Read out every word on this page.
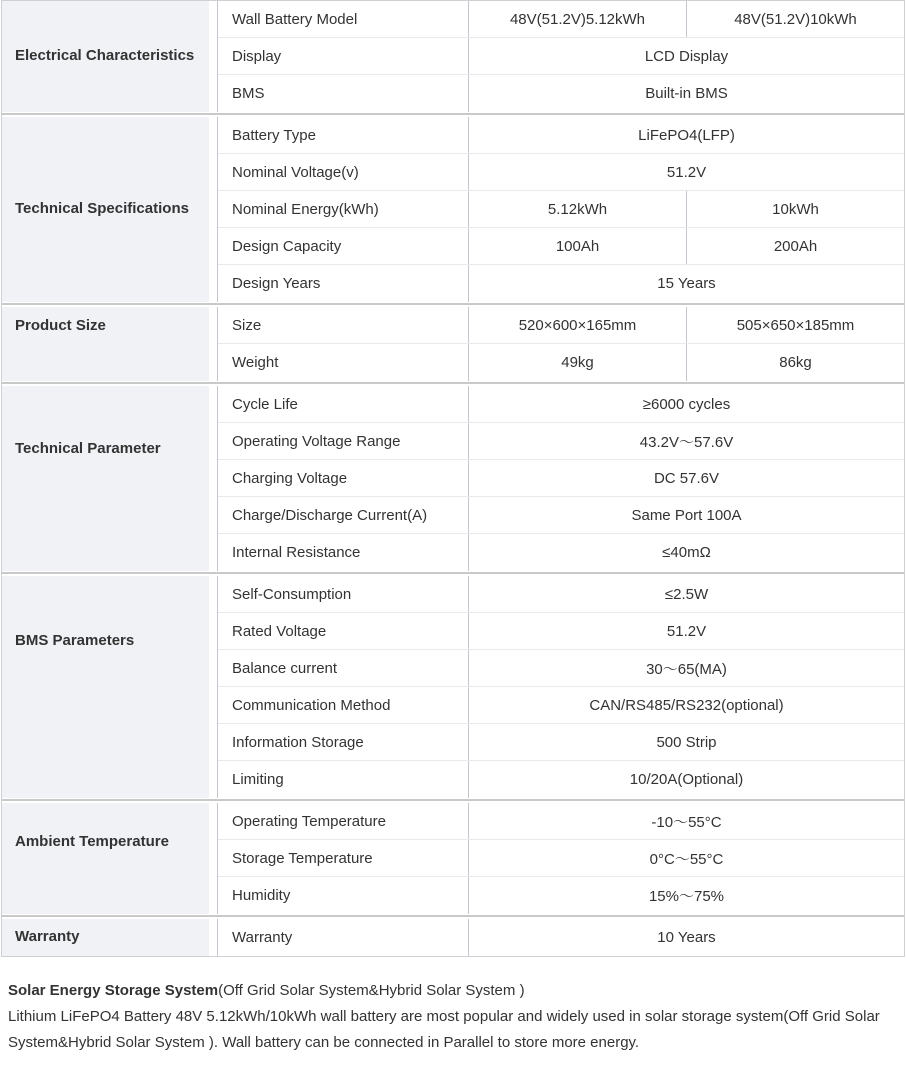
Electrical Characteristics
Wall Battery Model	48V(51.2V)5.12kWh	48V(51.2V)10kWh
Display	LCD Display
BMS	Built-in BMS
Technical Specifications
Battery Type	LiFePO4(LFP)
Nominal Voltage(v)	51.2V
Nominal Energy(kWh)	5.12kWh	10kWh
Design Capacity	100Ah	200Ah
Design Years	15 Years
Product Size	Size	520×600×165mm	505×650×185mm
Weight	49kg	86kg
Technical Parameter
Cycle Life	≥6000 cycles
Operating Voltage Range	43.2V～57.6V
Charging Voltage	DC 57.6V
Charge/Discharge Current(A)	Same Port 100A
Internal Resistance	≤40mΩ
BMS Parameters
Self-Consumption	≤2.5W
Rated Voltage	51.2V
Balance current	30～65(MA)
Communication Method	CAN/RS485/RS232(optional)
Information Storage	500 Strip
Limiting	10/20A(Optional)
Ambient Temperature
Operating Temperature	-10～55°C
Storage Temperature	0°C～55°C
Humidity	15%～75%
Warranty	Warranty	10 Years
Solar Energy Storage System(Off Grid Solar System&Hybrid Solar System )
Lithium LiFePO4 Battery 48V 5.12kWh/10kWh wall battery are most popular and widely used in solar storage system(Off Grid Solar System&Hybrid Solar System ). Wall battery can be connected in Parallel to store more energy.
